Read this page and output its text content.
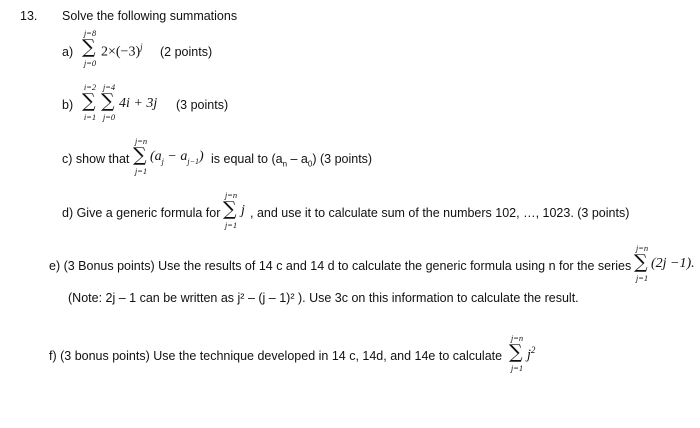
13. Solve the following summations
a)
j=8
∑
j=0
$2\times(-3)^j$ (2 points)
b)
i=2
∑
i=1
j=4
∑
j=0
4i + 3j (3 points)
c) show that
j=n
∑
j=1
$(a_j - a_{j-1})$ is equal to $(a_n - a_0)$ (3 points)
d) Give a generic formula for
j=n
∑
j=1
j , and use it to calculate sum of the numbers 102, …, 1023. (3 points)
e) (3 Bonus points) Use the results of 14 c and 14 d to calculate the generic formula using n for the series
j=n
∑
j=1
(2j −1).
(Note: 2j – 1 can be written as j² – (j – 1)² ). Use 3c on this information to calculate the result.
f) (3 bonus points) Use the technique developed in 14 c, 14d, and 14e to calculate
j=n
∑
j=1
$j^2$
